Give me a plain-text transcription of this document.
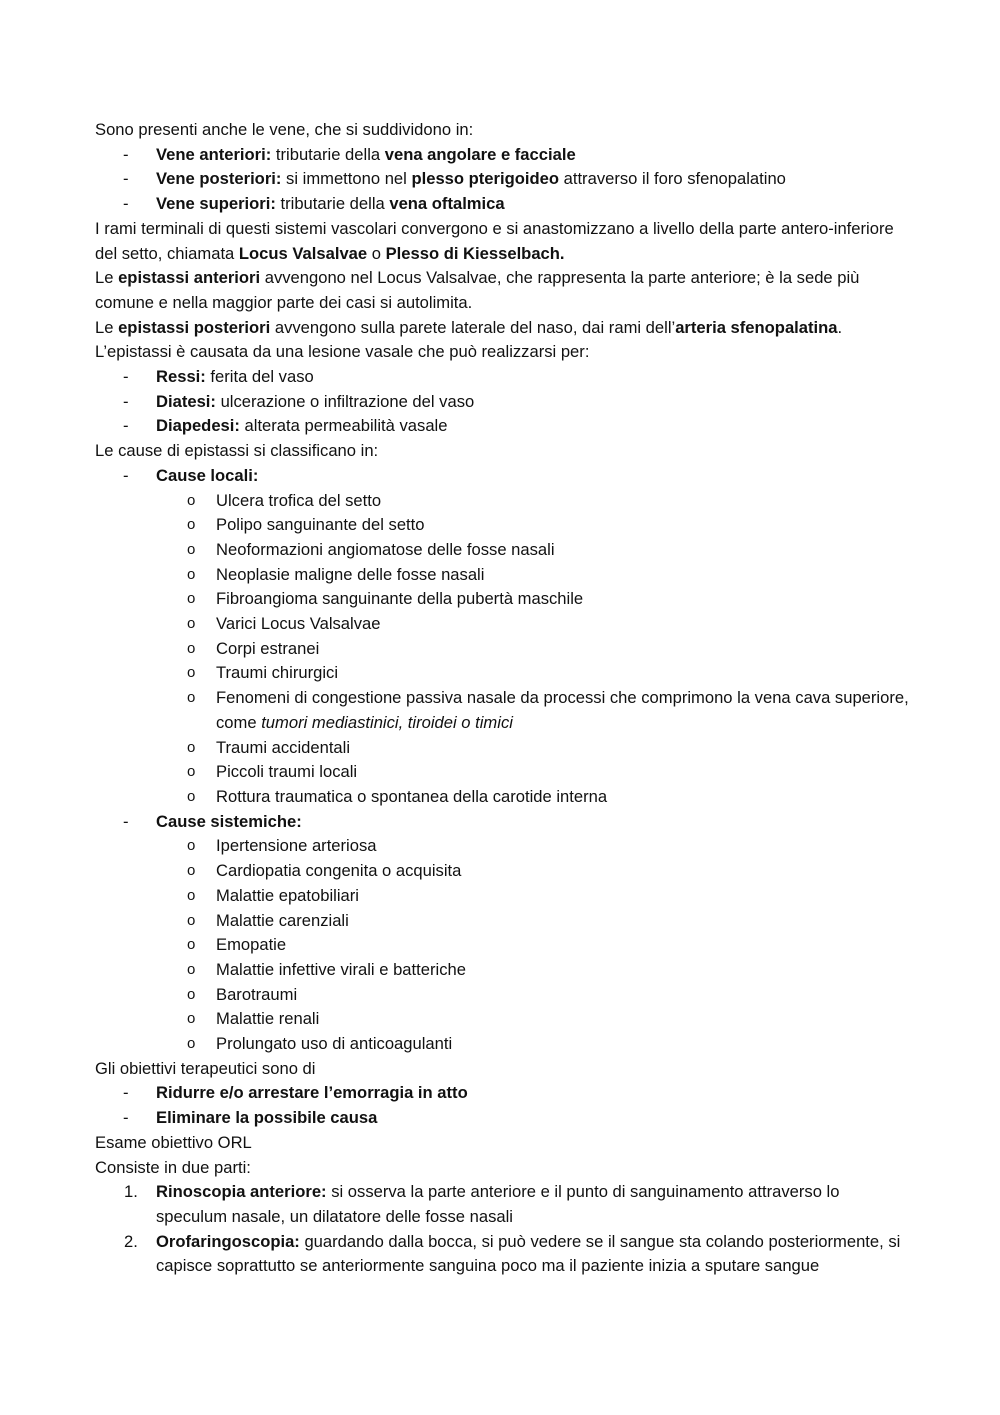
Sono presenti anche le vene, che si suddividono in:

- Vene anteriori: tributarie della vena angolare e facciale
- Vene posteriori: si immettono nel plesso pterigoideo attraverso il foro sfenopalatino
- Vene superiori: tributarie della vena oftalmica

I rami terminali di questi sistemi vascolari convergono e si anastomizzano a livello della parte antero-inferiore del setto, chiamata Locus Valsalvae o Plesso di Kiesselbach.

Le epistassi anteriori avvengono nel Locus Valsalvae, che rappresenta la parte anteriore; è la sede più comune e nella maggior parte dei casi si autolimita.

Le epistassi posteriori avvengono sulla parete laterale del naso, dai rami dell’arteria sfenopalatina.

L’epistassi è causata da una lesione vasale che può realizzarsi per:

- Ressi: ferita del vaso
- Diatesi: ulcerazione o infiltrazione del vaso
- Diapedesi: alterata permeabilità vasale

Le cause di epistassi si classificano in:

- Cause locali:
o Ulcera trofica del setto
o Polipo sanguinante del setto
o Neoformazioni angiomatose delle fosse nasali
o Neoplasie maligne delle fosse nasali
o Fibroangioma sanguinante della pubertà maschile
o Varici Locus Valsalvae
o Corpi estranei
o Traumi chirurgici
o Fenomeni di congestione passiva nasale da processi che comprimono la vena cava superiore, come tumori mediastinici, tiroidei o timici
o Traumi accidentali
o Piccoli traumi locali
o Rottura traumatica o spontanea della carotide interna
- Cause sistemiche:
o Ipertensione arteriosa
o Cardiopatia congenita o acquisita
o Malattie epatobiliari
o Malattie carenziali
o Emopatie
o Malattie infettive virali e batteriche
o Barotraumi
o Malattie renali
o Prolungato uso di anticoagulanti

Gli obiettivi terapeutici sono di

- Ridurre e/o arrestare l’emorragia in atto
- Eliminare la possibile causa

Esame obiettivo ORL

Consiste in due parti:

1. Rinoscopia anteriore: si osserva la parte anteriore e il punto di sanguinamento attraverso lo speculum nasale, un dilatatore delle fosse nasali
2. Orofaringoscopia: guardando dalla bocca, si può vedere se il sangue sta colando posteriormente, si capisce soprattutto se anteriormente sanguina poco ma il paziente inizia a sputare sangue
